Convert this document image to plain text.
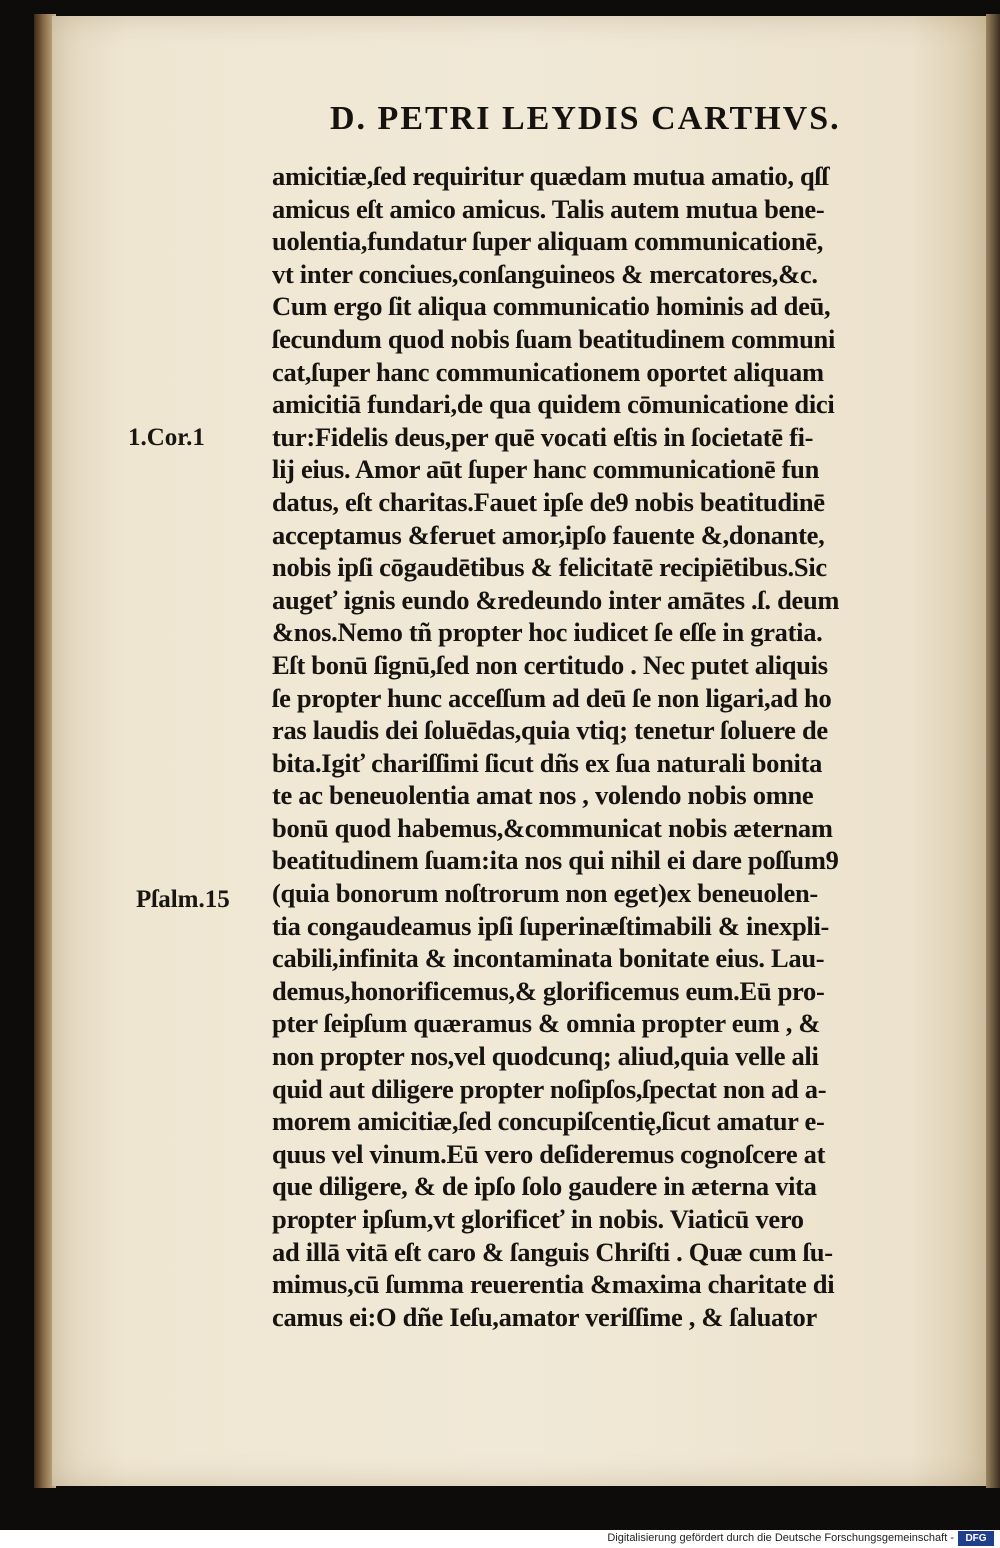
D. PETRI LEYDIS CARTHVS.
1.Cor.1
Pſalm.15
amicitiæ,ſed requiritur quædam mutua amatio, qſſ
amicus eſt amico amicus. Talis autem mutua bene-
uolentia,fundatur ſuper aliquam communicationē,
vt inter conciues,conſanguineos & mercatores,&c.
Cum ergo ſit aliqua communicatio hominis ad deū,
ſecundum quod nobis ſuam beatitudinem communi
cat,ſuper hanc communicationem oportet aliquam
amicitiā fundari,de qua quidem cōmunicatione dici
tur:Fidelis deus,per quē vocati eſtis in ſocietatē fi-
lij eius. Amor aūt ſuper hanc communicationē fun
datus, eſt charitas.Fauet ipſe de9 nobis beatitudinē
acceptamus &feruet amor,ipſo fauente &,donante,
nobis ipſi cōgaudētibus & felicitatē recipiētibus.Sic
augeť ignis eundo &redeundo inter amātes .ſ. deum
&nos.Nemo tñ propter hoc iudicet ſe eſſe in gratia.
Eſt bonū ſignū,ſed non certitudo . Nec putet aliquis
ſe propter hunc acceſſum ad deū ſe non ligari,ad ho
ras laudis dei ſoluēdas,quia vtiq; tenetur ſoluere de
bita.Igiť chariſſimi ſicut dñs ex ſua naturali bonita
te ac beneuolentia amat nos , volendo nobis omne
bonū quod habemus,&communicat nobis æternam
beatitudinem ſuam:ita nos qui nihil ei dare poſſum9
(quia bonorum noſtrorum non eget)ex beneuolen-
tia congaudeamus ipſi ſuperinæſtimabili & inexpli-
cabili,infinita & incontaminata bonitate eius. Lau-
demus,honorificemus,& glorificemus eum.Eū pro-
pter ſeipſum quæramus & omnia propter eum , &
non propter nos,vel quodcunq; aliud,quia velle ali
quid aut diligere propter noſipſos,ſpectat non ad a-
morem amicitiæ,ſed concupiſcentię,ſicut amatur e-
quus vel vinum.Eū vero deſideremus cognoſcere at
que diligere, & de ipſo ſolo gaudere in æterna vita
propter ipſum,vt glorificeť in nobis. Viaticū vero
ad illā vitā eſt caro & ſanguis Chriſti . Quæ cum ſu-
mimus,cū ſumma reuerentia &maxima charitate di
camus ei:O dñe Ieſu,amator veriſſime , & ſaluator
Digitalisierung gefördert durch die Deutsche Forschungsgemeinschaft -	DFG
